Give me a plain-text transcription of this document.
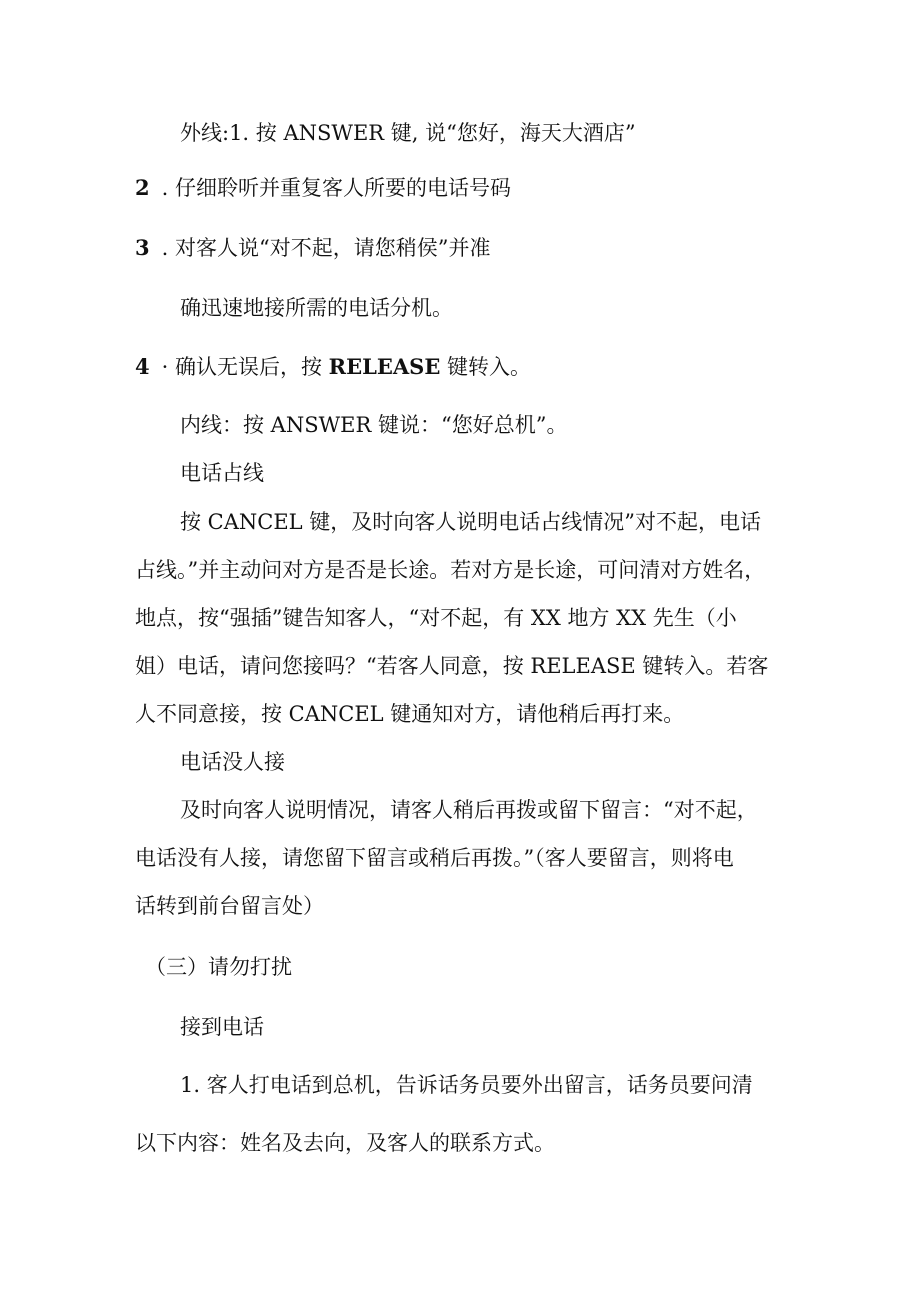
外线:1. 按 ANSWER 键, 说“您好，海天大酒店”
2 . 仔细聆听并重复客人所要的电话号码
3 . 对客人说“对不起，请您稍侯”并准
确迅速地接所需的电话分机。
4 · 确认无误后，按 RELEASE 键转入。
内线：按 ANSWER 键说：“您好总机”。
电话占线
按 CANCEL 键，及时向客人说明电话占线情况”对不起，电话
占线。”并主动问对方是否是长途。若对方是长途，可问清对方姓名，
地点，按“强插”键告知客人，“对不起，有 XX 地方 XX 先生（小
姐）电话，请问您接吗？“若客人同意，按 RELEASE 键转入。若客
人不同意接，按 CANCEL 键通知对方，请他稍后再打来。
电话没人接
及时向客人说明情况，请客人稍后再拨或留下留言：“对不起，
电话没有人接，请您留下留言或稍后再拨。”（客人要留言，则将电
话转到前台留言处）
（三）请勿打扰
接到电话
1. 客人打电话到总机，告诉话务员要外出留言，话务员要问清
以下内容：姓名及去向，及客人的联系方式。
